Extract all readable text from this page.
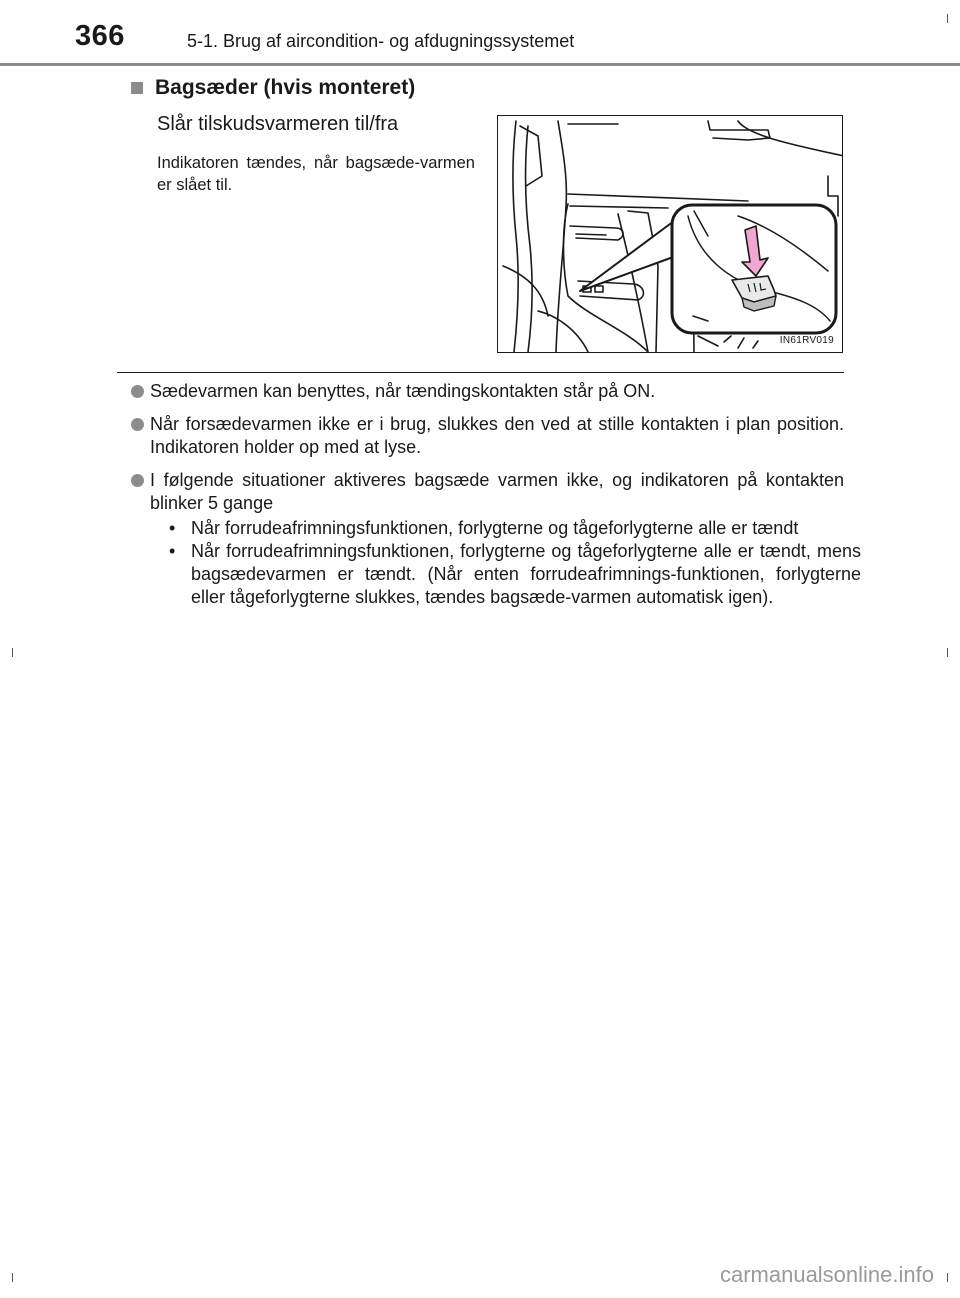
366	5-1. Brug af aircondition- og afdugningssystemet
Bagsæder (hvis monteret)
Slår tilskudsvarmeren til/fra
Indikatoren tændes, når bagsæde-varmen er slået til.
IN61RV019
Sædevarmen kan benyttes, når tændingskontakten står på ON.
Når forsædevarmen ikke er i brug, slukkes den ved at stille kontakten i plan position. Indikatoren holder op med at lyse.
I følgende situationer aktiveres bagsæde varmen ikke, og indikatoren på kontakten blinker 5 gange
• Når forrudeafrimningsfunktionen, forlygterne og tågeforlygterne alle er tændt
• Når forrudeafrimningsfunktionen, forlygterne og tågeforlygterne alle er tændt, mens bagsædevarmen er tændt. (Når enten forrudeafrimnings-funktionen, forlygterne eller tågeforlygterne slukkes, tændes bagsæde-varmen automatisk igen).
carmanualsonline.info
